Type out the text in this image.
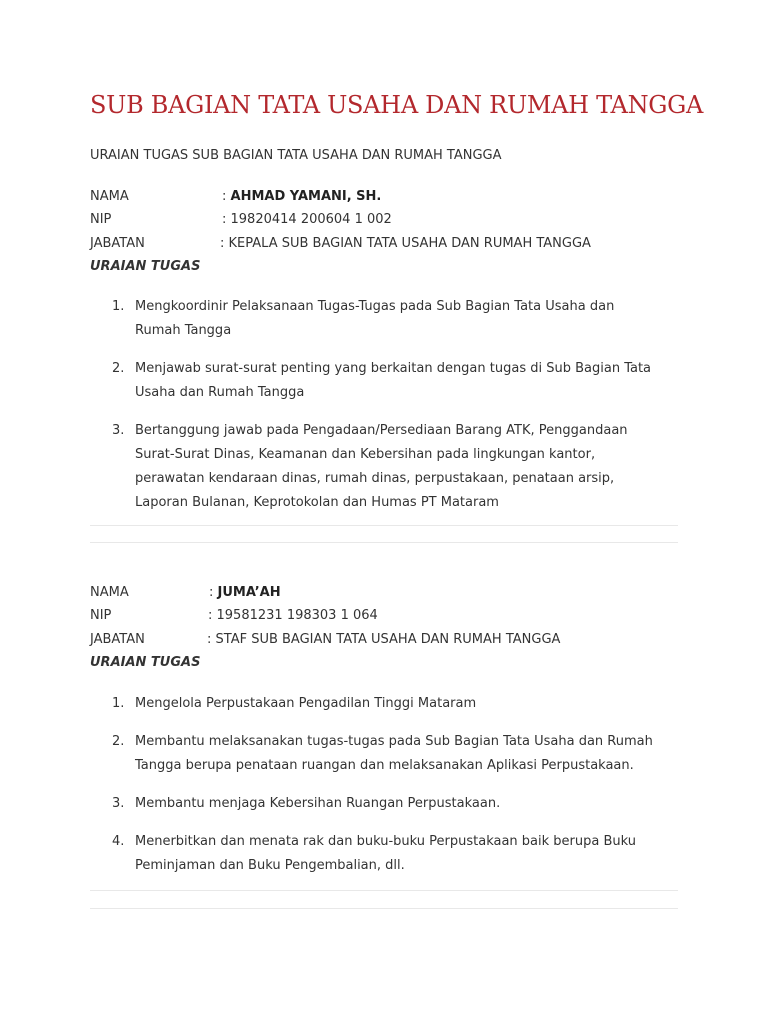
SUB BAGIAN TATA USAHA DAN RUMAH TANGGA
URAIAN TUGAS SUB BAGIAN TATA USAHA DAN RUMAH TANGGA
NAMA	: AHMAD YAMANI, SH.
NIP	: 19820414 200604 1 002
JABATAN	: KEPALA SUB BAGIAN TATA USAHA DAN RUMAH TANGGA
URAIAN TUGAS
1. Mengkoordinir Pelaksanaan Tugas-Tugas pada Sub Bagian Tata Usaha dan Rumah Tangga
2. Menjawab surat-surat penting yang berkaitan dengan tugas di Sub Bagian Tata Usaha dan Rumah Tangga
3. Bertanggung jawab pada Pengadaan/Persediaan Barang ATK, Penggandaan Surat-Surat Dinas, Keamanan dan Kebersihan pada lingkungan kantor, perawatan kendaraan dinas, rumah dinas, perpustakaan, penataan arsip, Laporan Bulanan, Keprotokolan dan Humas PT Mataram
NAMA	: JUMA’AH
NIP	: 19581231 198303 1 064
JABATAN	: STAF SUB BAGIAN TATA USAHA DAN RUMAH TANGGA
URAIAN TUGAS
1. Mengelola Perpustakaan Pengadilan Tinggi Mataram
2. Membantu melaksanakan tugas-tugas pada Sub Bagian Tata Usaha dan Rumah Tangga berupa penataan ruangan dan melaksanakan Aplikasi Perpustakaan.
3. Membantu menjaga Kebersihan Ruangan Perpustakaan.
4. Menerbitkan dan menata rak dan buku-buku Perpustakaan baik berupa Buku Peminjaman dan Buku Pengembalian, dll.
